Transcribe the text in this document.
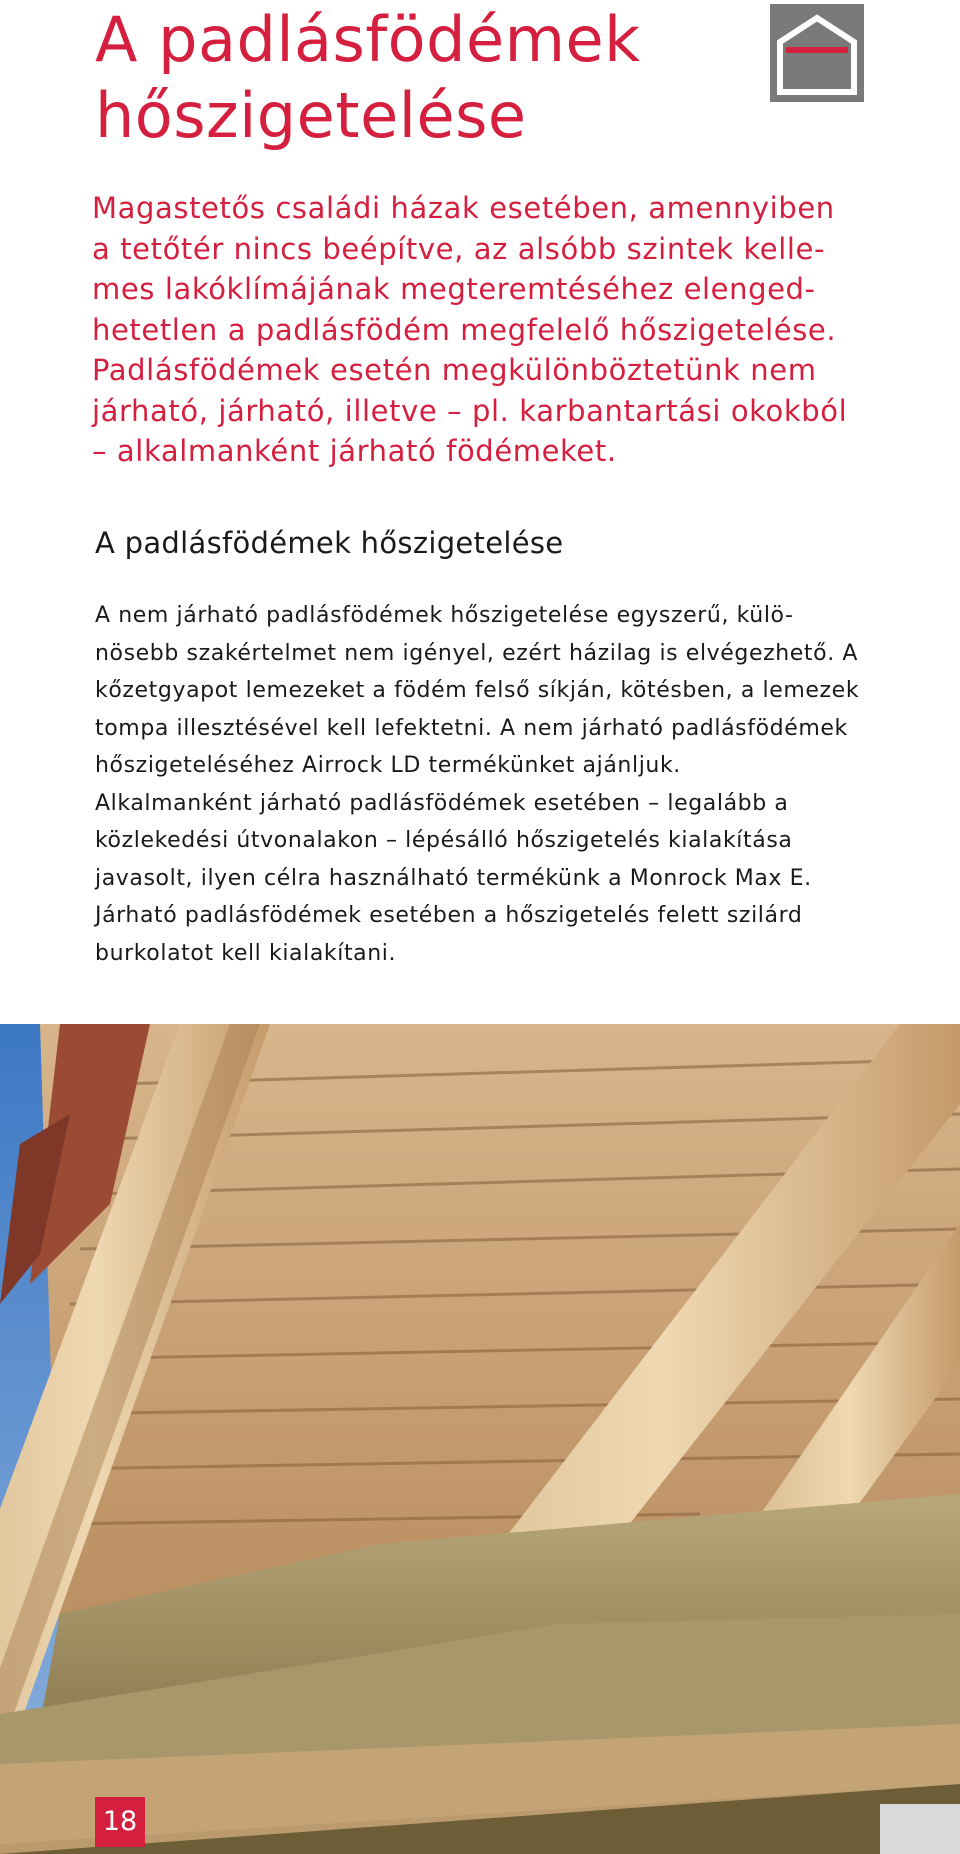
A padlásfödémek
hőszigetelése
Magastetős családi házak esetében, amennyiben
a tetőtér nincs beépítve, az alsóbb szintek kelle-
mes lakóklímájának megteremtéséhez elenged-
hetetlen a padlásfödém megfelelő hőszigetelése.
Padlásfödémek esetén megkülönböztetünk nem
járható, járható, illetve – pl. karbantartási okokból
– alkalmanként járható födémeket.
A padlásfödémek hőszigetelése
A nem járható padlásfödémek hőszigetelése egyszerű, külö-
nösebb szakértelmet nem igényel, ezért házilag is elvégezhető. A
kőzetgyapot lemezeket a födém felső síkján, kötésben, a lemezek
tompa illesztésével kell lefektetni. A nem járható padlásfödémek
hőszigeteléséhez Airrock LD termékünket ajánljuk.
Alkalmanként járható padlásfödémek esetében – legalább a
közlekedési útvonalakon – lépésálló hőszigetelés kialakítása
javasolt, ilyen célra használható termékünk a Monrock Max E.
Járható padlásfödémek esetében a hőszigetelés felett szilárd
burkolatot kell kialakítani.
18
